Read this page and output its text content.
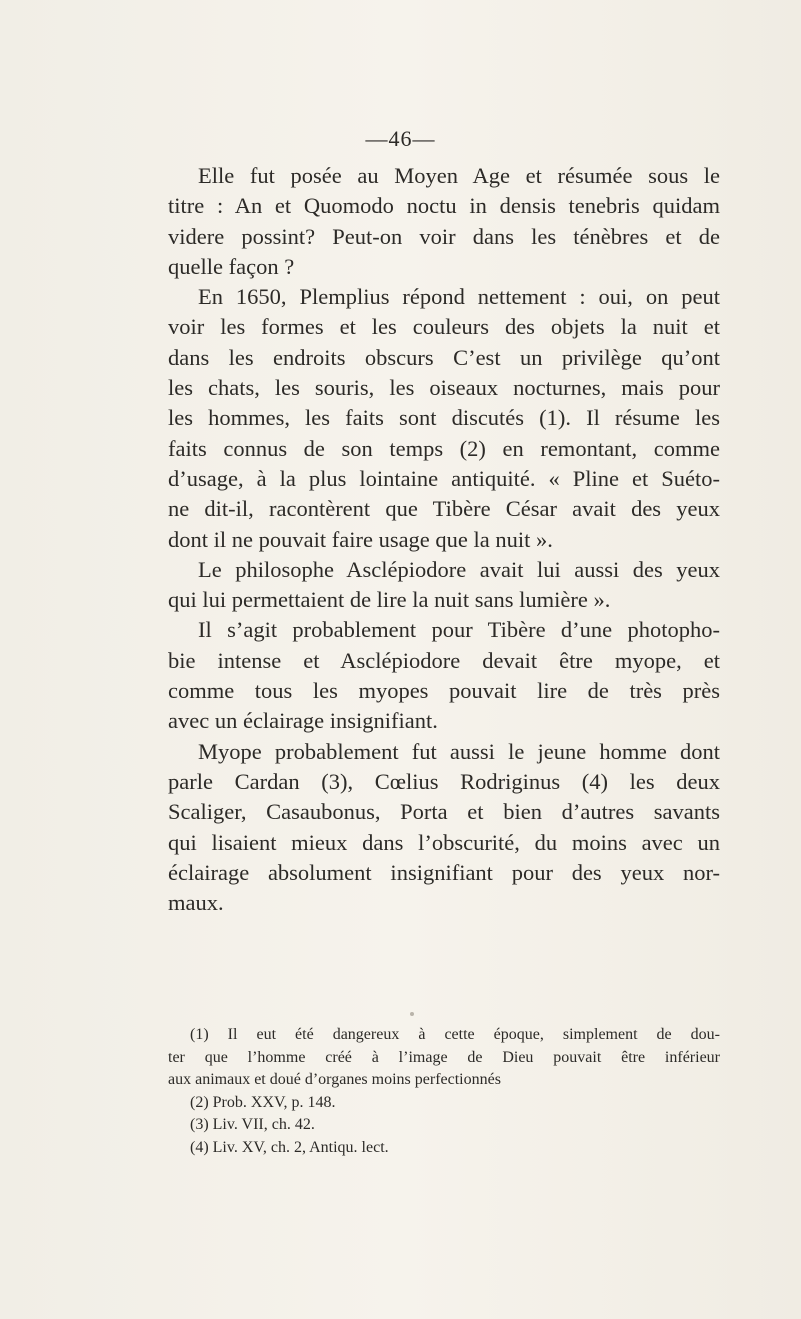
—46—
Elle fut posée au Moyen Age et résumée sous le
titre : An et Quomodo noctu in densis tenebris quidam
videre possint? Peut-on voir dans les ténèbres et de
quelle façon ?
En 1650, Plemplius répond nettement : oui, on peut
voir les formes et les couleurs des objets la nuit et
dans les endroits obscurs C’est un privilège qu’ont
les chats, les souris, les oiseaux nocturnes, mais pour
les hommes, les faits sont discutés (1). Il résume les
faits connus de son temps (2) en remontant, comme
d’usage, à la plus lointaine antiquité. « Pline et Suéto-
ne dit-il, racontèrent que Tibère César avait des yeux
dont il ne pouvait faire usage que la nuit ».
Le philosophe Asclépiodore avait lui aussi des yeux
qui lui permettaient de lire la nuit sans lumière ».
Il s’agit probablement pour Tibère d’une photopho-
bie intense et Asclépiodore devait être myope, et
comme tous les myopes pouvait lire de très près
avec un éclairage insignifiant.
Myope probablement fut aussi le jeune homme dont
parle Cardan (3), Cœlius Rodriginus (4) les deux
Scaliger, Casaubonus, Porta et bien d’autres savants
qui lisaient mieux dans l’obscurité, du moins avec un
éclairage absolument insignifiant pour des yeux nor-
maux.
(1) Il eut été dangereux à cette époque, simplement de dou-
ter que l’homme créé à l’image de Dieu pouvait être inférieur
aux animaux et doué d’organes moins perfectionnés
(2) Prob. XXV, p. 148.
(3) Liv. VII, ch. 42.
(4) Liv. XV, ch. 2, Antiqu. lect.
